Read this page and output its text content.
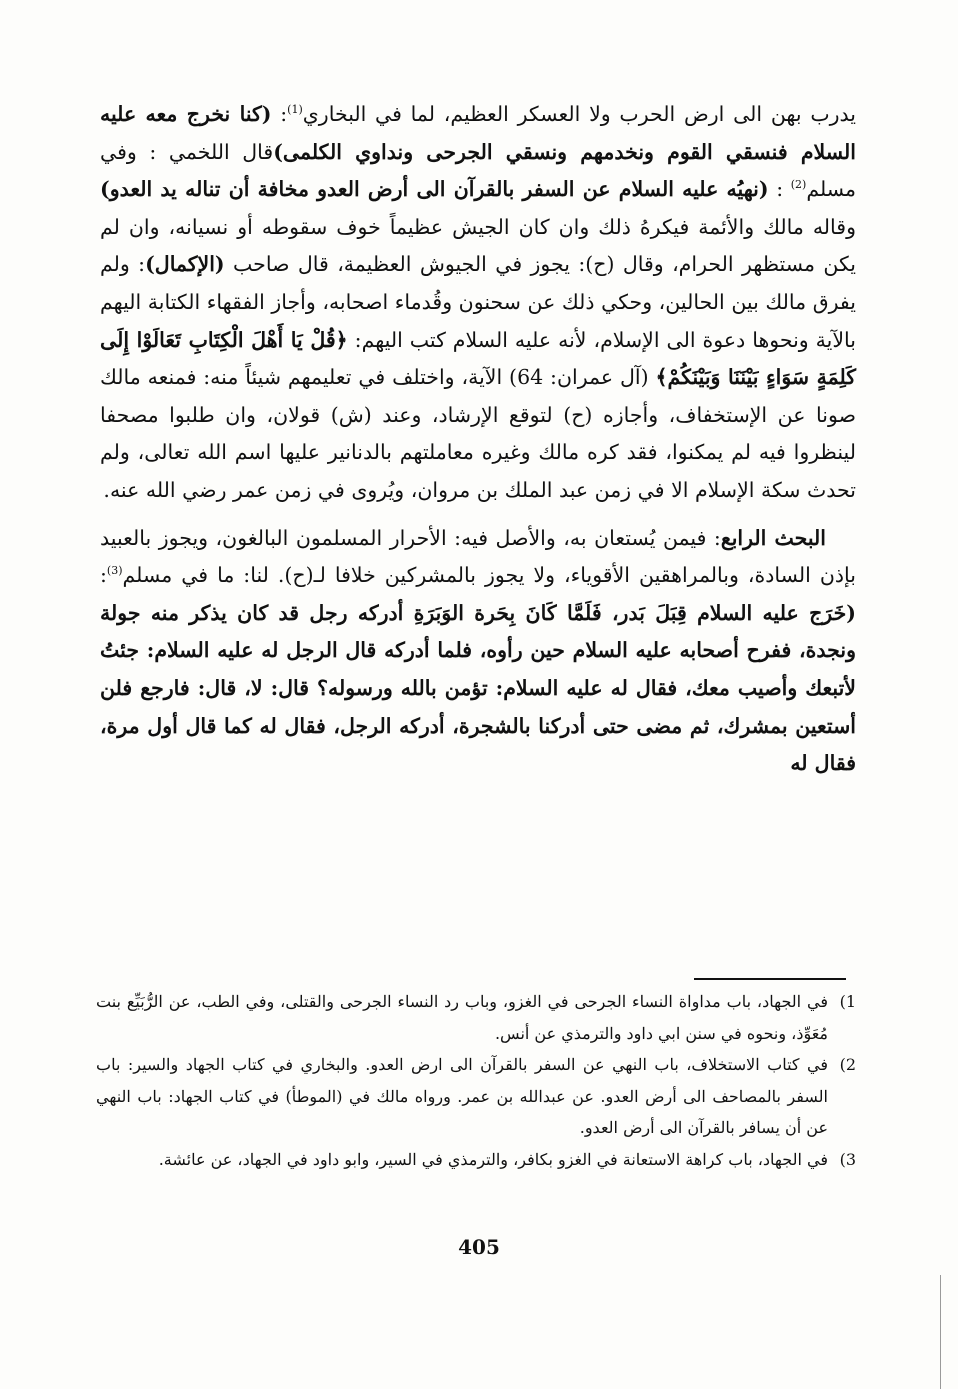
يدرب بهن الى ارض الحرب ولا العسكر العظيم، لما في البخاري$^{(1)}$: (كنا نخرج معه عليه السلام فنسقي القوم ونخدمهم ونسقي الجرحى ونداوي الكلمى)قال اللخمي : وفي مسلم$^{(2)}$ : (نهيُه عليه السلام عن السفر بالقرآن الى أرض العدو مخافة أن تناله يد العدو) وقاله مالك والأئمة فيكرهُ ذلك وان كان الجيش عظيماً خوف سقوطه أو نسيانه، وان لم يكن مستظهر الحرام، وقال (ح): يجوز في الجيوش العظيمة، قال صاحب (الإكمال): ولم يفرق مالك بين الحالين، وحكي ذلك عن سحنون وقُدماء اصحابه، وأجاز الفقهاء الكتابة اليهم بالآية ونحوها دعوة الى الإسلام، لأنه عليه السلام كتب اليهم: ﴿قُلْ يَا أَهْلَ الْكِتَابِ تَعَالَوْا إِلَى كَلِمَةٍ سَوَاءٍ بَيْنَنَا وَبَيْنَكُمْ﴾ (آل عمران: 64) الآية، واختلف في تعليمهم شيئاً منه: فمنعه مالك صونا عن الإستخفاف، وأجازه (ح) لتوقع الإرشاد، وعند (ش) قولان، وان طلبوا مصحفا لينظروا فيه لم يمكنوا، فقد كره مالك وغيره معاملتهم بالدنانير عليها اسم الله تعالى، ولم تحدث سكة الإسلام الا في زمن عبد الملك بن مروان، ويُروى في زمن عمر رضي الله عنه.

البحث الرابع: فيمن يُستعان به، والأصل فيه: الأحرار المسلمون البالغون، ويجوز بالعبيد بإذن السادة، وبالمراهقين الأقوياء، ولا يجوز بالمشركين خلافا لـ(ح). لنا: ما في مسلم$^{(3)}$: (خَرَج عليه السلام قِبَلَ بَدر، فَلَمَّا كَانَ بِحَرة الوَبَرَةِ أدركه رجل قد كان يذكر منه جولة ونجدة، ففرح أصحابه عليه السلام حين رأوه، فلما أدركه قال الرجل له عليه السلام: جئتُ لأتبعك وأصيب معك، فقال له عليه السلام: تؤمن بالله ورسوله؟ قال: لا، قال: فارجع فلن أستعين بمشرك، ثم مضى حتى أدركنا بالشجرة، أدركه الرجل، فقال له كما قال أول مرة، فقال له

1)
في الجهاد، باب مداواة النساء الجرحى في الغزو، وباب رد النساء الجرحى والقتلى، وفي الطب، عن الرُّبَيِّع بنت مُعَوِّذ، ونحوه في سنن ابي داود والترمذي عن أنس.
2)
في كتاب الاستخلاف، باب النهي عن السفر بالقرآن الى ارض العدو. والبخاري في كتاب الجهاد والسير: باب السفر بالمصاحف الى أرض العدو. عن عبدالله بن عمر. ورواه مالك في (الموطأ) في كتاب الجهاد: باب النهي عن أن يسافر بالقرآن الى أرض العدو.
3)
في الجهاد، باب كراهة الاستعانة في الغزو بكافر، والترمذي في السير، وابو داود في الجهاد، عن عائشة.
405
